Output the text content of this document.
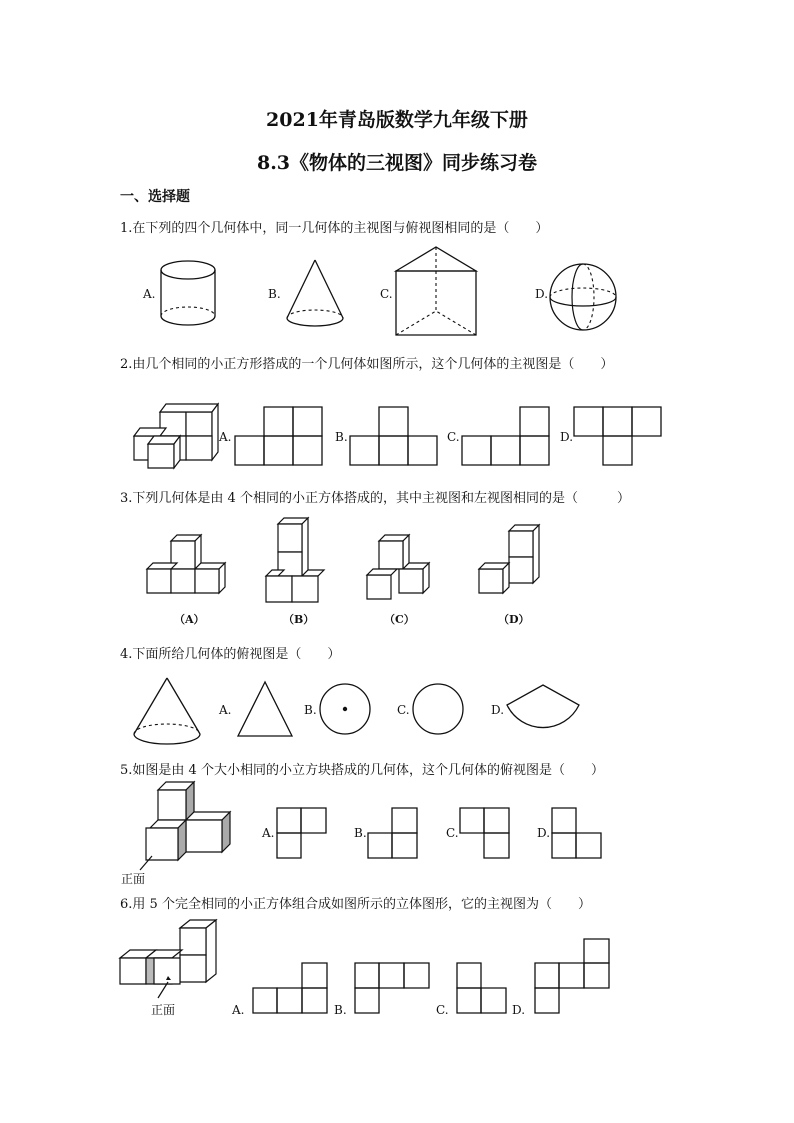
2021年青岛版数学九年级下册
8.3《物体的三视图》同步练习卷
一、选择题
1.在下列的四个几何体中，同一几何体的主视图与俯视图相同的是（　　）
A.	B.	C.	D.
2.由几个相同的小正方形搭成的一个几何体如图所示，这个几何体的主视图是（　　）
A.	B.	C.	D.
3.下列几何体是由 4 个相同的小正方体搭成的，其中主视图和左视图相同的是（　　　）
（A）	（B）	（C）	（D）
4.下面所给几何体的俯视图是（　　）
A.	B.	C.	D.
5.如图是由 4 个大小相同的小立方块搭成的几何体，这个几何体的俯视图是（　　）
正面
A.	B.	C.	D.
6.用 5 个完全相同的小正方体组合成如图所示的立体图形，它的主视图为（　　）
正面	A.	B.	C.	D.
